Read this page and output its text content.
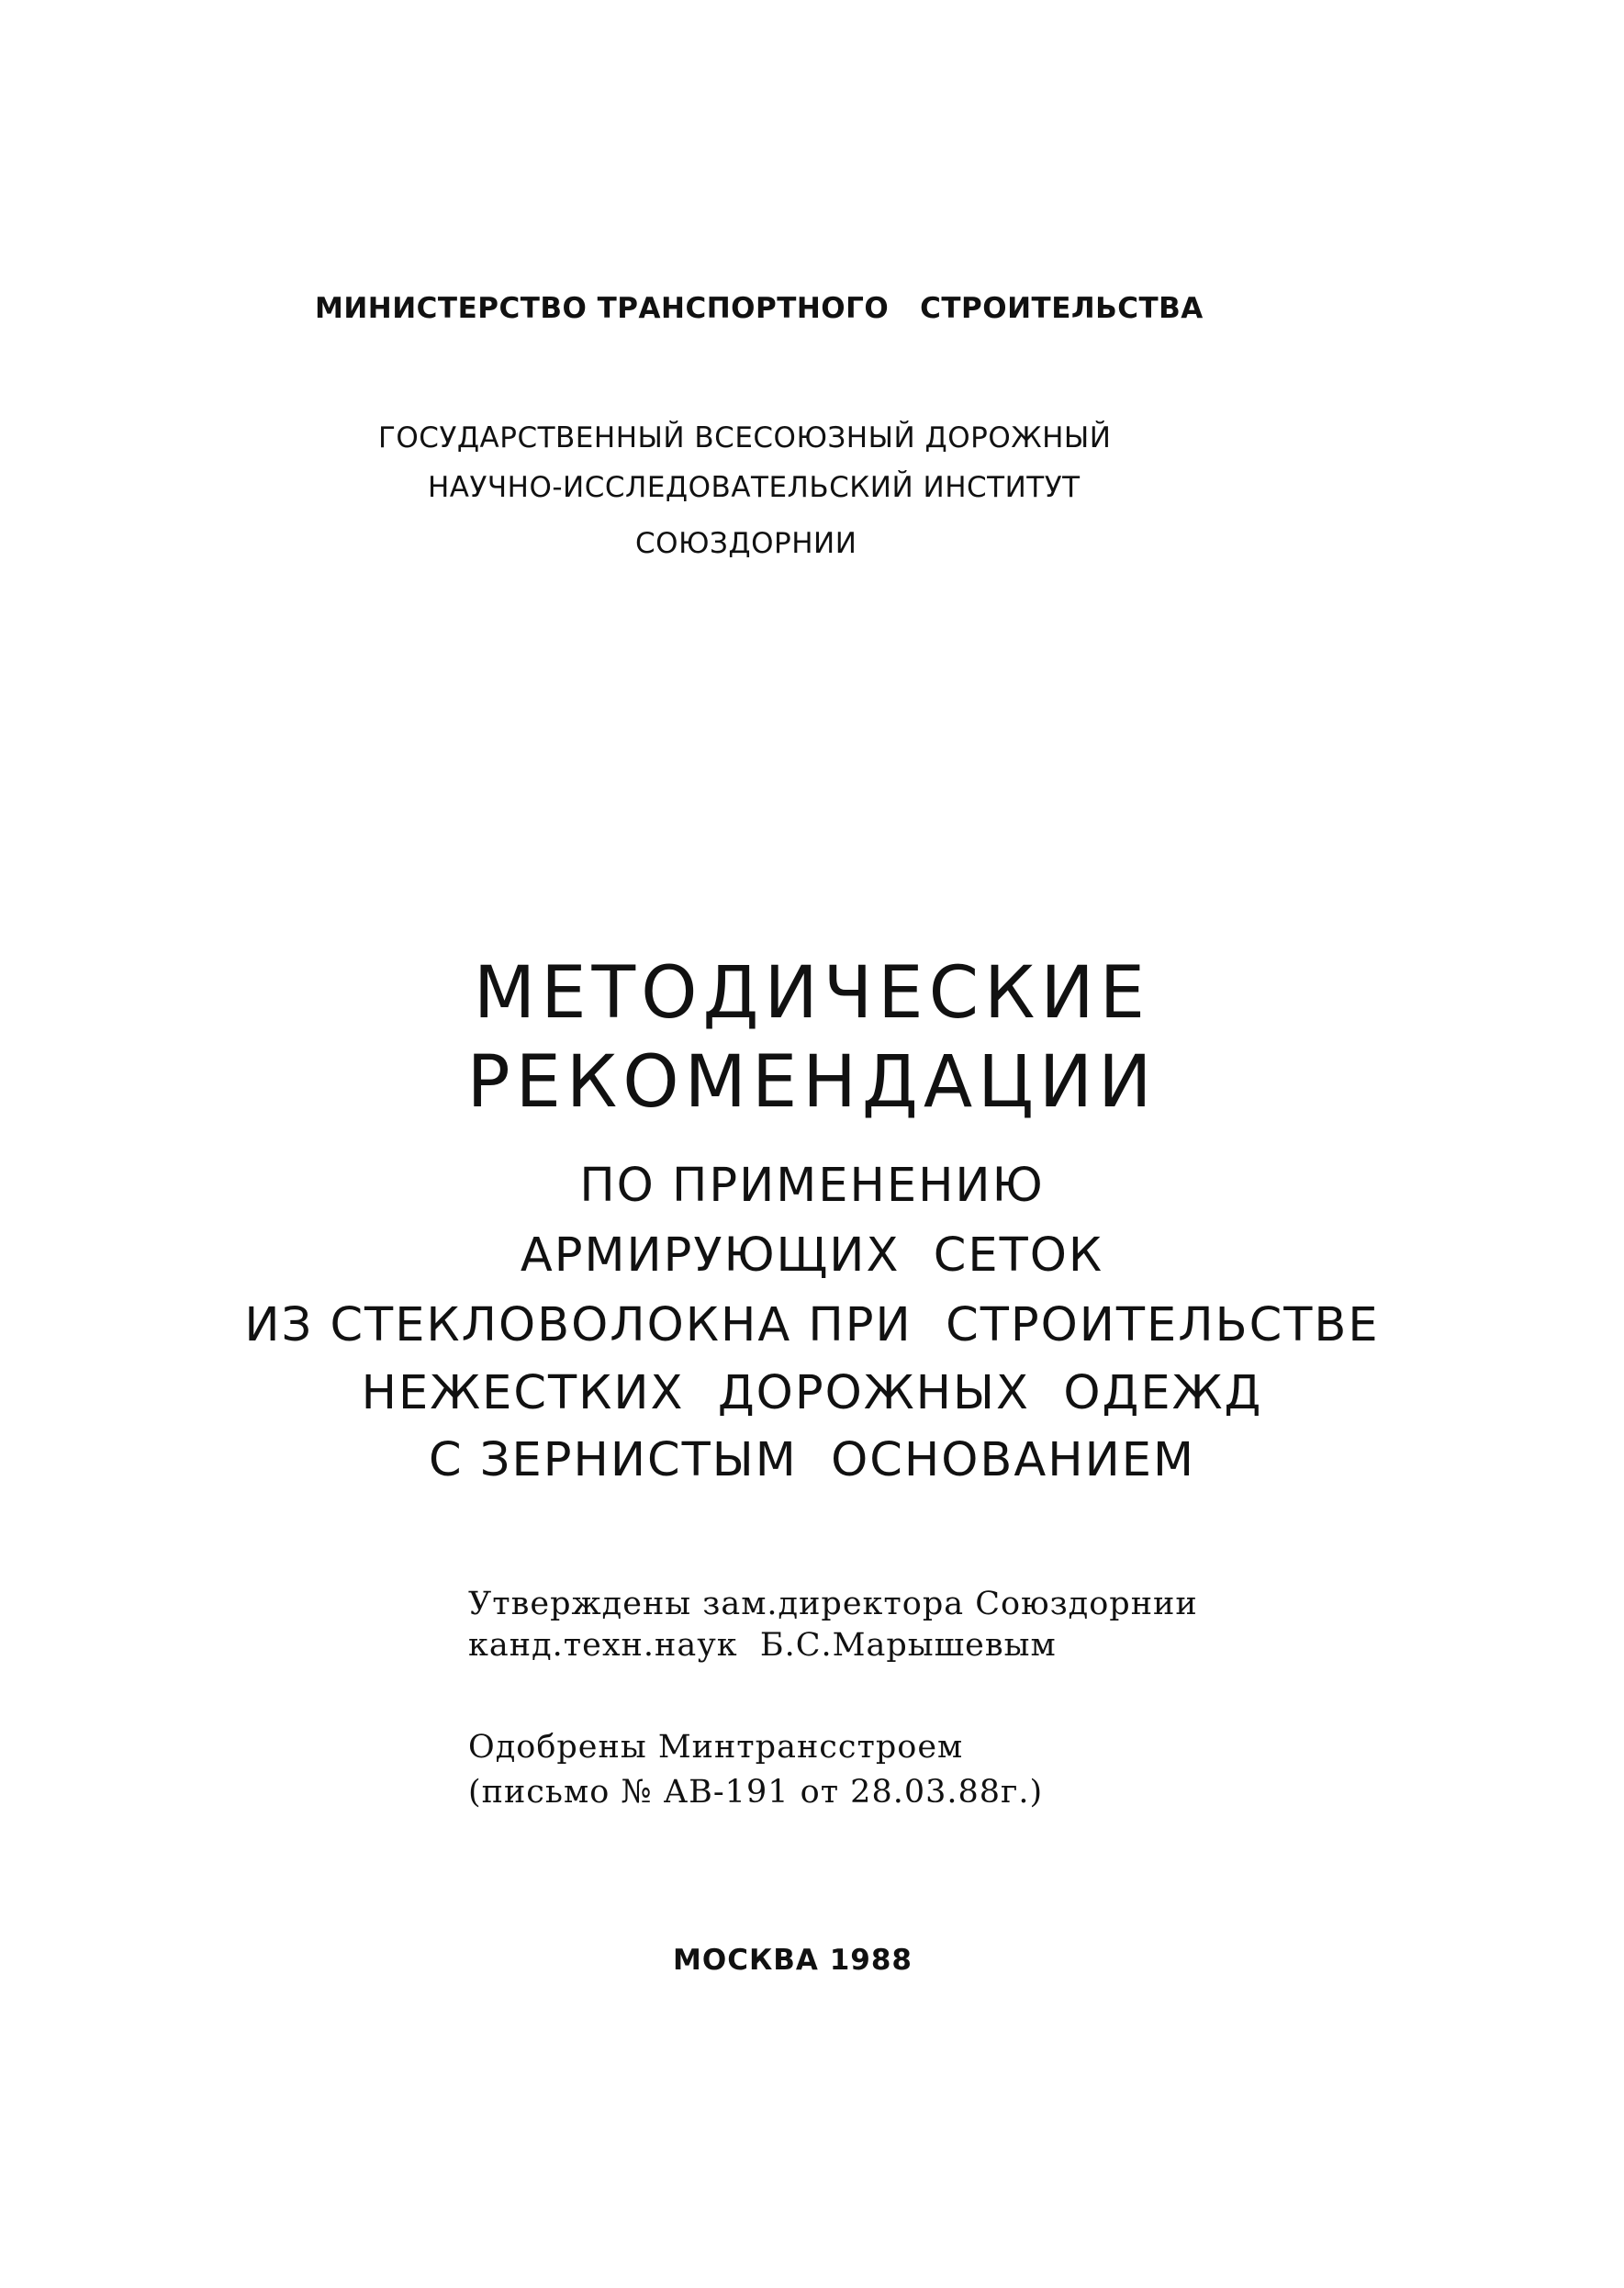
МИНИСТЕРСТВО ТРАНСПОРТНОГО   СТРОИТЕЛЬСТВА

ГОСУДАРСТВЕННЫЙ ВСЕСОЮЗНЫЙ ДОРОЖНЫЙ

НАУЧНО-ИССЛЕДОВАТЕЛЬСКИЙ ИНСТИТУТ

СОЮЗДОРНИИ

МЕТОДИЧЕСКИЕ

РЕКОМЕНДАЦИИ

ПО ПРИМЕНЕНИЮ

АРМИРУЮЩИХ  СЕТОК

ИЗ СТЕКЛОВОЛОКНА ПРИ  СТРОИТЕЛЬСТВЕ

НЕЖЕСТКИХ  ДОРОЖНЫХ  ОДЕЖД

С ЗЕРНИСТЫМ  ОСНОВАНИЕМ

Утверждены зам.директора Союздорнии

канд.техн.наук  Б.С.Марышевым

Одобрены Минтрансстроем

(письмо № АВ-191 от 28.03.88г.)

МОСКВА 1988
